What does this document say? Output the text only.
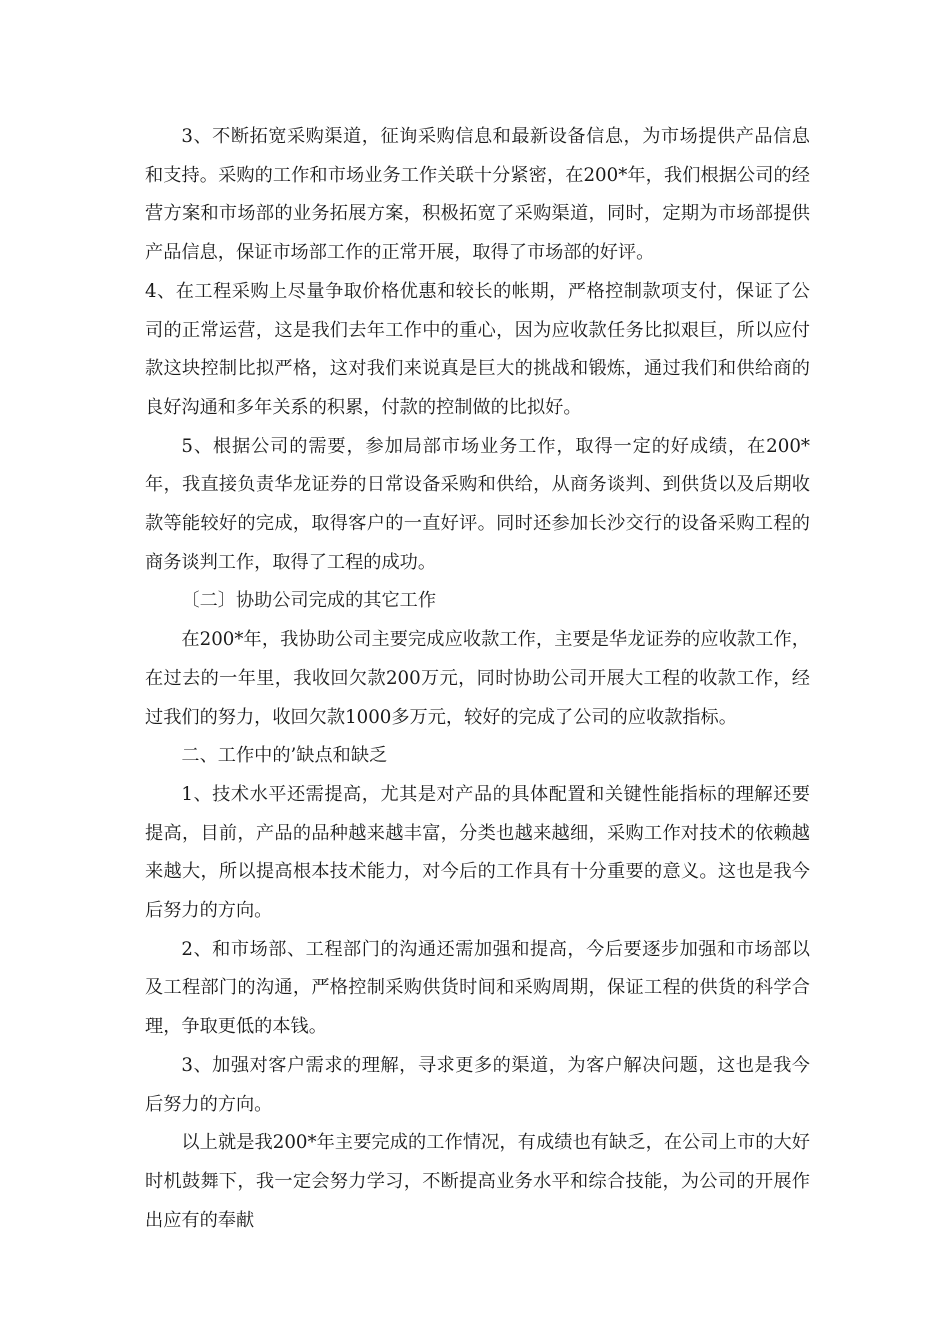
3、不断拓宽采购渠道，征询采购信息和最新设备信息，为市场提供产品信息和支持。采购的工作和市场业务工作关联十分紧密，在200*年，我们根据公司的经营方案和市场部的业务拓展方案，积极拓宽了采购渠道，同时，定期为市场部提供产品信息，保证市场部工作的正常开展，取得了市场部的好评。

4、在工程采购上尽量争取价格优惠和较长的帐期，严格控制款项支付，保证了公司的正常运营，这是我们去年工作中的重心，因为应收款任务比拟艰巨，所以应付款这块控制比拟严格，这对我们来说真是巨大的挑战和锻炼，通过我们和供给商的良好沟通和多年关系的积累，付款的控制做的比拟好。

5、根据公司的需要，参加局部市场业务工作，取得一定的好成绩，在200*年，我直接负责华龙证券的日常设备采购和供给，从商务谈判、到供货以及后期收款等能较好的完成，取得客户的一直好评。同时还参加长沙交行的设备采购工程的商务谈判工作，取得了工程的成功。

〔二〕协助公司完成的其它工作

在200*年，我协助公司主要完成应收款工作，主要是华龙证券的应收款工作，在过去的一年里，我收回欠款200万元，同时协助公司开展大工程的收款工作，经过我们的努力，收回欠款1000多万元，较好的完成了公司的应收款指标。

二、工作中的’缺点和缺乏

1、技术水平还需提高，尤其是对产品的具体配置和关键性能指标的理解还要提高，目前，产品的品种越来越丰富，分类也越来越细，采购工作对技术的依赖越来越大，所以提高根本技术能力，对今后的工作具有十分重要的意义。这也是我今后努力的方向。

2、和市场部、工程部门的沟通还需加强和提高，今后要逐步加强和市场部以及工程部门的沟通，严格控制采购供货时间和采购周期，保证工程的供货的科学合理，争取更低的本钱。

3、加强对客户需求的理解，寻求更多的渠道，为客户解决问题，这也是我今后努力的方向。

以上就是我200*年主要完成的工作情况，有成绩也有缺乏，在公司上市的大好时机鼓舞下，我一定会努力学习，不断提高业务水平和综合技能，为公司的开展作出应有的奉献
